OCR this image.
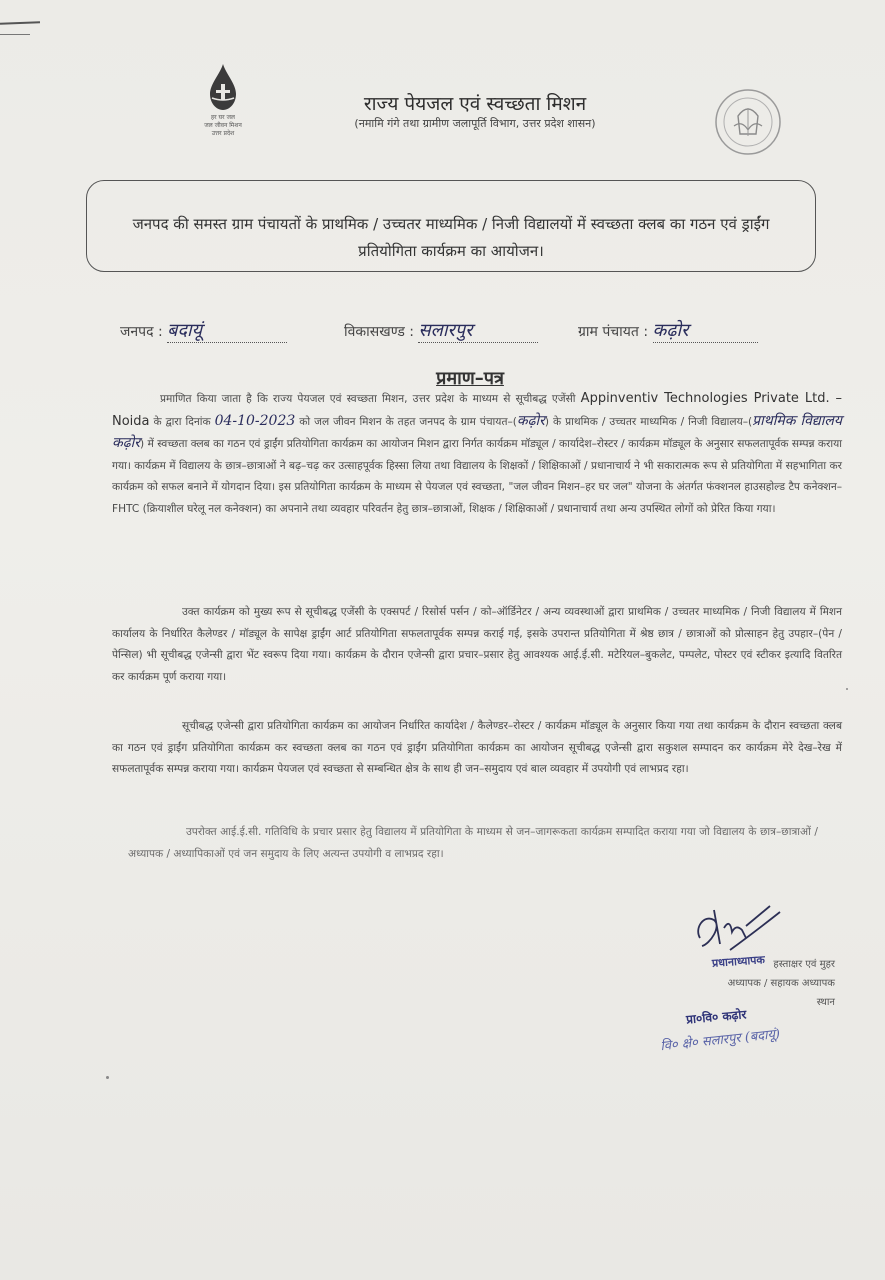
हर घर जल
जल जीवन मिशन
उत्तर प्रदेश
राज्य पेयजल एवं स्वच्छता मिशन
(नमामि गंगे तथा ग्रामीण जलापूर्ति विभाग, उत्तर प्रदेश शासन)
जनपद की समस्त ग्राम पंचायतों के प्राथमिक / उच्चतर माध्यमिक / निजी विद्यालयों में स्वच्छता क्लब का गठन एवं ड्राईंग प्रतियोगिता कार्यक्रम का आयोजन।
जनपद : बदायूं	विकासखण्ड : सलारपुर	ग्राम पंचायत : कढ़ोर
प्रमाण–पत्र
प्रमाणित किया जाता है कि राज्य पेयजल एवं स्वच्छता मिशन, उत्तर प्रदेश के माध्यम से सूचीबद्ध एजेंसी Appinventiv Technologies Private Ltd. – Noida के द्वारा दिनांक 04-10-2023 को जल जीवन मिशन के तहत जनपद के ग्राम पंचायत–(कढ़ोर) के प्राथमिक / उच्चतर माध्यमिक / निजी विद्यालय–(प्राथमिक विद्यालय कढ़ोर) में स्वच्छता क्लब का गठन एवं ड्राईंग प्रतियोगिता कार्यक्रम का आयोजन मिशन द्वारा निर्गत कार्यक्रम मॉड्यूल / कार्यादेश–रोस्टर / कार्यक्रम मॉड्यूल के अनुसार सफलतापूर्वक सम्पन्न कराया गया। कार्यक्रम में विद्यालय के छात्र–छात्राओं ने बढ़–चढ़ कर उत्साहपूर्वक हिस्सा लिया तथा विद्यालय के शिक्षकों / शिक्षिकाओं / प्रधानाचार्य ने भी सकारात्मक रूप से प्रतियोगिता में सहभागिता कर कार्यक्रम को सफल बनाने में योगदान दिया। इस प्रतियोगिता कार्यक्रम के माध्यम से पेयजल एवं स्वच्छता, "जल जीवन मिशन–हर घर जल" योजना के अंतर्गत फंक्शनल हाउसहोल्ड टैप कनेक्शन–FHTC (क्रियाशील घरेलू नल कनेक्शन) का अपनाने तथा व्यवहार परिवर्तन हेतु छात्र–छात्राओं, शिक्षक / शिक्षिकाओं / प्रधानाचार्य तथा अन्य उपस्थित लोगों को प्रेरित किया गया।
उक्त कार्यक्रम को मुख्य रूप से सूचीबद्ध एजेंसी के एक्सपर्ट / रिसोर्स पर्सन / को–ऑर्डिनेटर / अन्य व्यवस्थाओं द्वारा प्राथमिक / उच्चतर माध्यमिक / निजी विद्यालय में मिशन कार्यालय के निर्धारित कैलेण्डर / मॉड्यूल के सापेक्ष ड्राईंग आर्ट प्रतियोगिता सफलतापूर्वक सम्पन्न कराई गई, इसके उपरान्त प्रतियोगिता में श्रेष्ठ छात्र / छात्राओं को प्रोत्साहन हेतु उपहार–(पेन / पेन्सिल) भी सूचीबद्ध एजेन्सी द्वारा भेंट स्वरूप दिया गया। कार्यक्रम के दौरान एजेन्सी द्वारा प्रचार–प्रसार हेतु आवश्यक आई.ई.सी. मटेरियल–बुकलेट, पम्पलेट, पोस्टर एवं स्टीकर इत्यादि वितरित कर कार्यक्रम पूर्ण कराया गया।
सूचीबद्ध एजेन्सी द्वारा प्रतियोगिता कार्यक्रम का आयोजन निर्धारित कार्यादेश / कैलेण्डर–रोस्टर / कार्यक्रम मॉड्यूल के अनुसार किया गया तथा कार्यक्रम के दौरान स्वच्छता क्लब का गठन एवं ड्राईंग प्रतियोगिता कार्यक्रम कर स्वच्छता क्लब का गठन एवं ड्राईंग प्रतियोगिता कार्यक्रम का आयोजन सूचीबद्ध एजेन्सी द्वारा सकुशल सम्पादन कर कार्यक्रम मेरे देख–रेख में सफलतापूर्वक सम्पन्न कराया गया। कार्यक्रम पेयजल एवं स्वच्छता से सम्बन्धित क्षेत्र के साथ ही जन–समुदाय एवं बाल व्यवहार में उपयोगी एवं लाभप्रद रहा।
उपरोक्त आई.ई.सी. गतिविधि के प्रचार प्रसार हेतु विद्यालय में प्रतियोगिता के माध्यम से जन–जागरूकता कार्यक्रम सम्पादित कराया गया जो विद्यालय के छात्र–छात्राओं / अध्यापक / अध्यापिकाओं एवं जन समुदाय के लिए अत्यन्त उपयोगी व लाभप्रद रहा।
हस्ताक्षर एवं मुहर
अध्यापक / सहायक अध्यापक
स्थान
प्रधानाध्यापक
प्रा०वि० कढ़ोर
वि० क्षे० सलारपुर (बदायूं)
